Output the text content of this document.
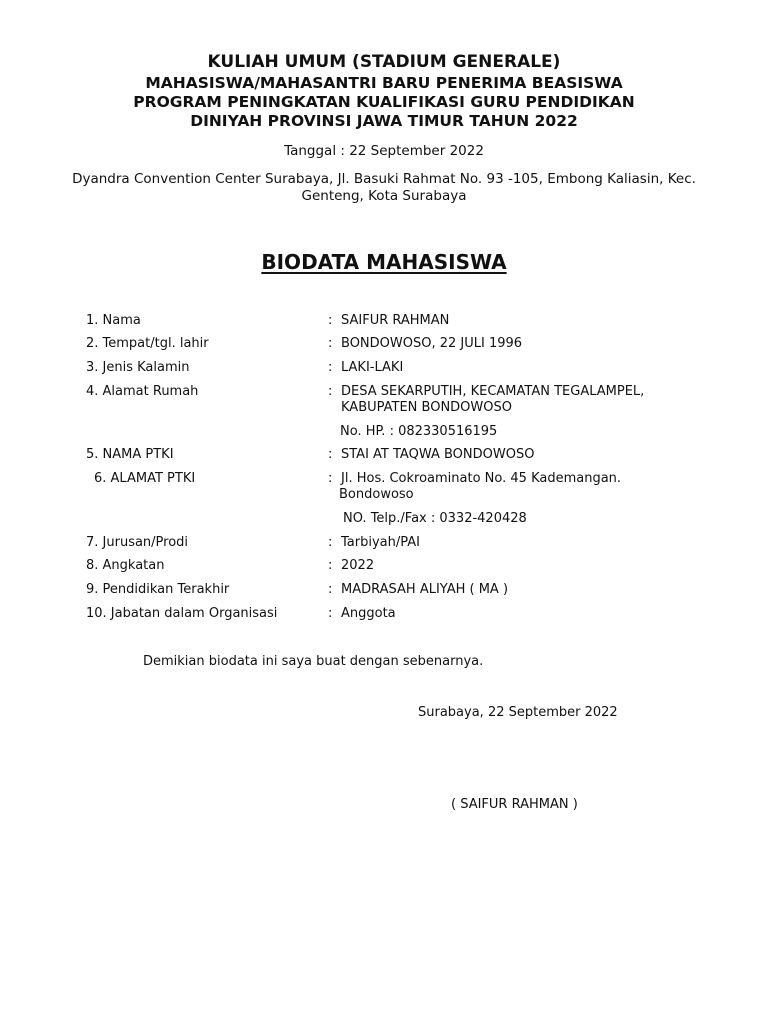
KULIAH UMUM (STADIUM GENERALE)
MAHASISWA/MAHASANTRI BARU PENERIMA BEASISWA
PROGRAM PENINGKATAN KUALIFIKASI GURU PENDIDIKAN
DINIYAH PROVINSI JAWA TIMUR TAHUN 2022
Tanggal : 22 September 2022
Dyandra Convention Center Surabaya, Jl. Basuki Rahmat No. 93 -105, Embong Kaliasin, Kec. Genteng, Kota Surabaya
BIODATA MAHASISWA
1. Nama	: SAIFUR RAHMAN
2. Tempat/tgl. lahir	: BONDOWOSO, 22 JULI 1996
3. Jenis Kalamin	: LAKI-LAKI
4. Alamat Rumah	: DESA SEKARPUTIH, KECAMATAN TEGALAMPEL,
KABUPATEN BONDOWOSO
No. HP. : 082330516195
5. NAMA PTKI	: STAI AT TAQWA BONDOWOSO
6. ALAMAT PTKI	: Jl. Hos. Cokroaminato No. 45 Kademangan.
Bondowoso
NO. Telp./Fax : 0332-420428
7. Jurusan/Prodi	: Tarbiyah/PAI
8. Angkatan	: 2022
9. Pendidikan Terakhir	: MADRASAH ALIYAH ( MA )
10. Jabatan dalam Organisasi	: Anggota
Demikian biodata ini saya buat dengan sebenarnya.
Surabaya, 22 September 2022
( SAIFUR RAHMAN )
